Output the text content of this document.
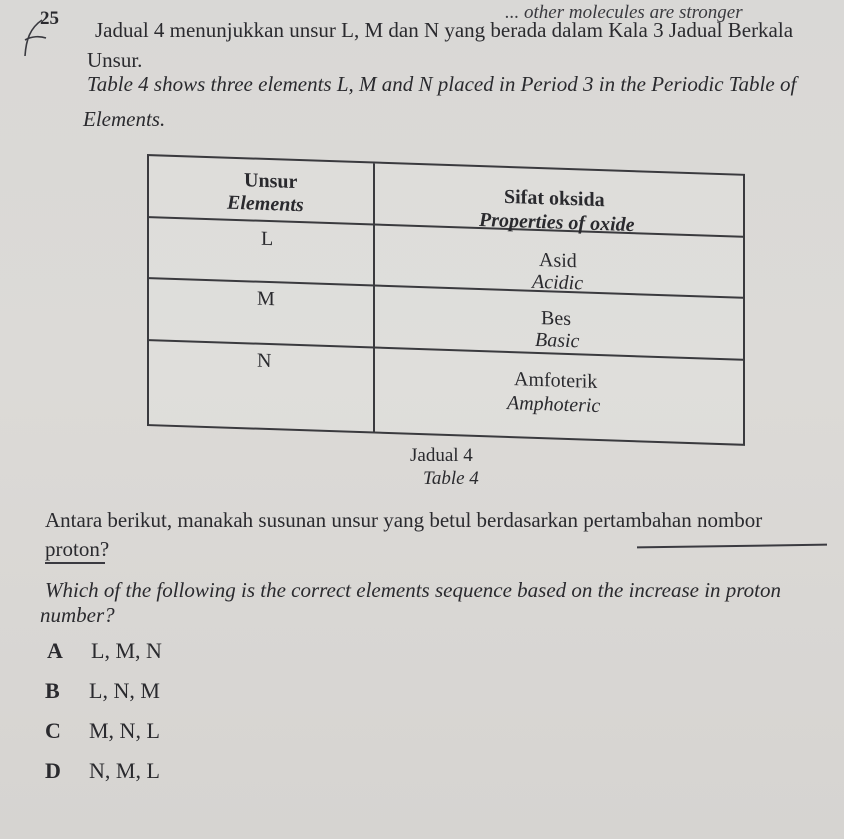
... other molecules are stronger
25 Jadual 4 menunjukkan unsur L, M dan N yang berada dalam Kala 3 Jadual Berkala
Unsur.
Table 4 shows three elements L, M and N placed in Period 3 in the Periodic Table of
Elements.
Unsur
Elements	Sifat oksida
Properties of oxide
L
Asid
Acidic
M
Bes
Basic
N
Amfoterik
Amphoteric
Jadual 4
Table 4
Antara berikut, manakah susunan unsur yang betul berdasarkan pertambahan nombor
proton?
Which of the following is the correct elements sequence based on the increase in proton
number?
A L, M, N
B L, N, M
C M, N, L
D N, M, L
